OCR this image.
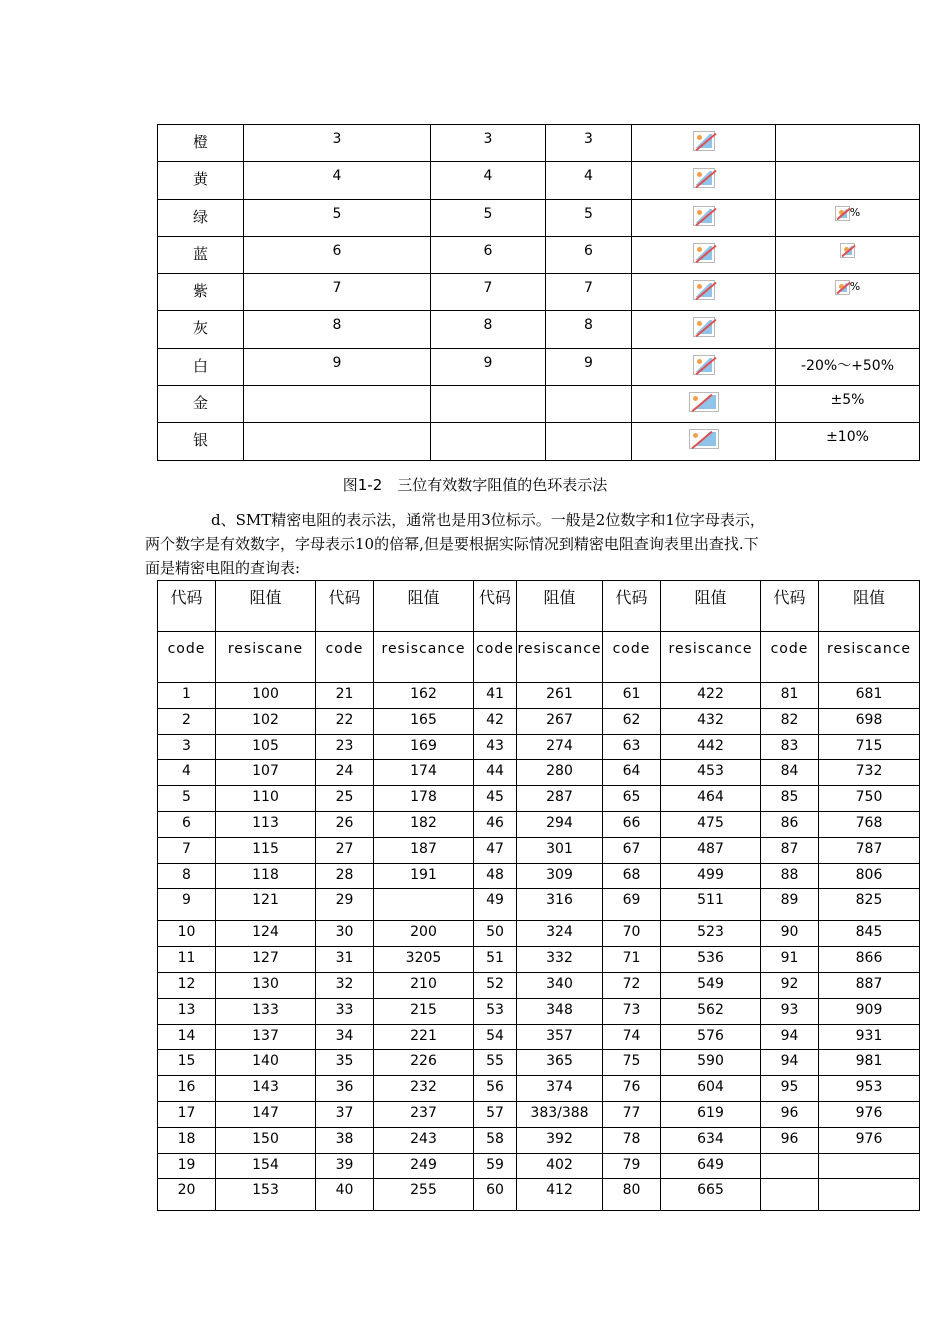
橙	3	3	3	

黄	4	4	4	

绿	5	5	5		%
蓝	6	6	6	

紫	7	7	7		%
灰	8	8	8	

白	9	9	9		-20%～+50%
金					±5%
银					±10%
图1-2　三位有效数字阻值的色环表示法
d、SMT精密电阻的表示法，通常也是用3位标示。一般是2位数字和1位字母表示，
两个数字是有效数字，字母表示10的倍幂,但是要根据实际情况到精密电阻查询表里出查找.下
面是精密电阻的查询表:
代码	阻值	代码	阻值	代码	阻值	代码	阻值	代码	阻值
code	resiscane	code	resiscance	code	resiscance	code	resiscance	code	resiscance
1	100	21	162	41	261	61	422	81	681
2	102	22	165	42	267	62	432	82	698
3	105	23	169	43	274	63	442	83	715
4	107	24	174	44	280	64	453	84	732
5	110	25	178	45	287	65	464	85	750
6	113	26	182	46	294	66	475	86	768
7	115	27	187	47	301	67	487	87	787
8	118	28	191	48	309	68	499	88	806
9	121	29		49	316	69	511	89	825
10	124	30	200	50	324	70	523	90	845
11	127	31	3205	51	332	71	536	91	866
12	130	32	210	52	340	72	549	92	887
13	133	33	215	53	348	73	562	93	909
14	137	34	221	54	357	74	576	94	931
15	140	35	226	55	365	75	590	94	981
16	143	36	232	56	374	76	604	95	953
17	147	37	237	57	383/388	77	619	96	976
18	150	38	243	58	392	78	634	96	976
19	154	39	249	59	402	79	649		
20	153	40	255	60	412	80	665		
